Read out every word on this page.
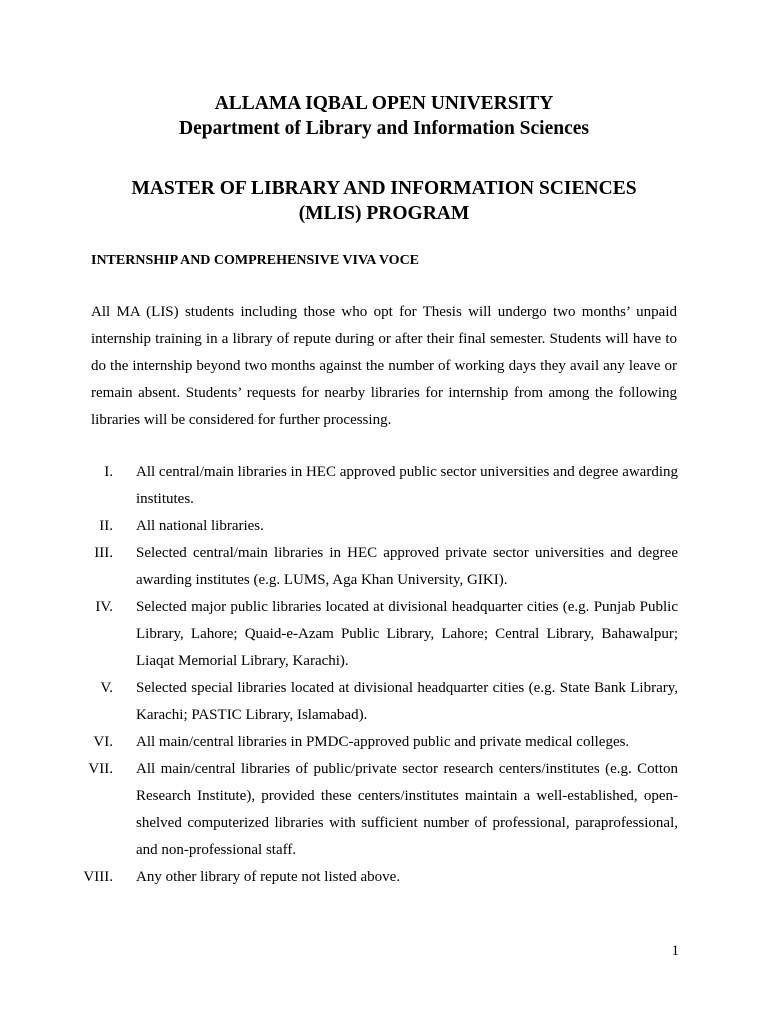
ALLAMA IQBAL OPEN UNIVERSITY

Department of Library and Information Sciences

MASTER OF LIBRARY AND INFORMATION SCIENCES

(MLIS) PROGRAM

INTERNSHIP AND COMPREHENSIVE VIVA VOCE

All MA (LIS) students including those who opt for Thesis will undergo two months’ unpaid internship training in a library of repute during or after their final semester. Students will have to do the internship beyond two months against the number of working days they avail any leave or remain absent. Students’ requests for nearby libraries for internship from among the following libraries will be considered for further processing.

I.	All central/main libraries in HEC approved public sector universities and degree awarding institutes.
II.	All national libraries.
III.	Selected central/main libraries in HEC approved private sector universities and degree awarding institutes (e.g. LUMS, Aga Khan University, GIKI).
IV.	Selected major public libraries located at divisional headquarter cities (e.g. Punjab Public Library, Lahore; Quaid-e-Azam Public Library, Lahore; Central Library, Bahawalpur; Liaqat Memorial Library, Karachi).
V.	Selected special libraries located at divisional headquarter cities (e.g. State Bank Library, Karachi; PASTIC Library, Islamabad).
VI.	All main/central libraries in PMDC-approved public and private medical colleges.
VII.	All main/central libraries of public/private sector research centers/institutes (e.g. Cotton Research Institute), provided these centers/institutes maintain a well-established, open-shelved computerized libraries with sufficient number of professional, paraprofessional, and non-professional staff.
VIII.	Any other library of repute not listed above.

1
